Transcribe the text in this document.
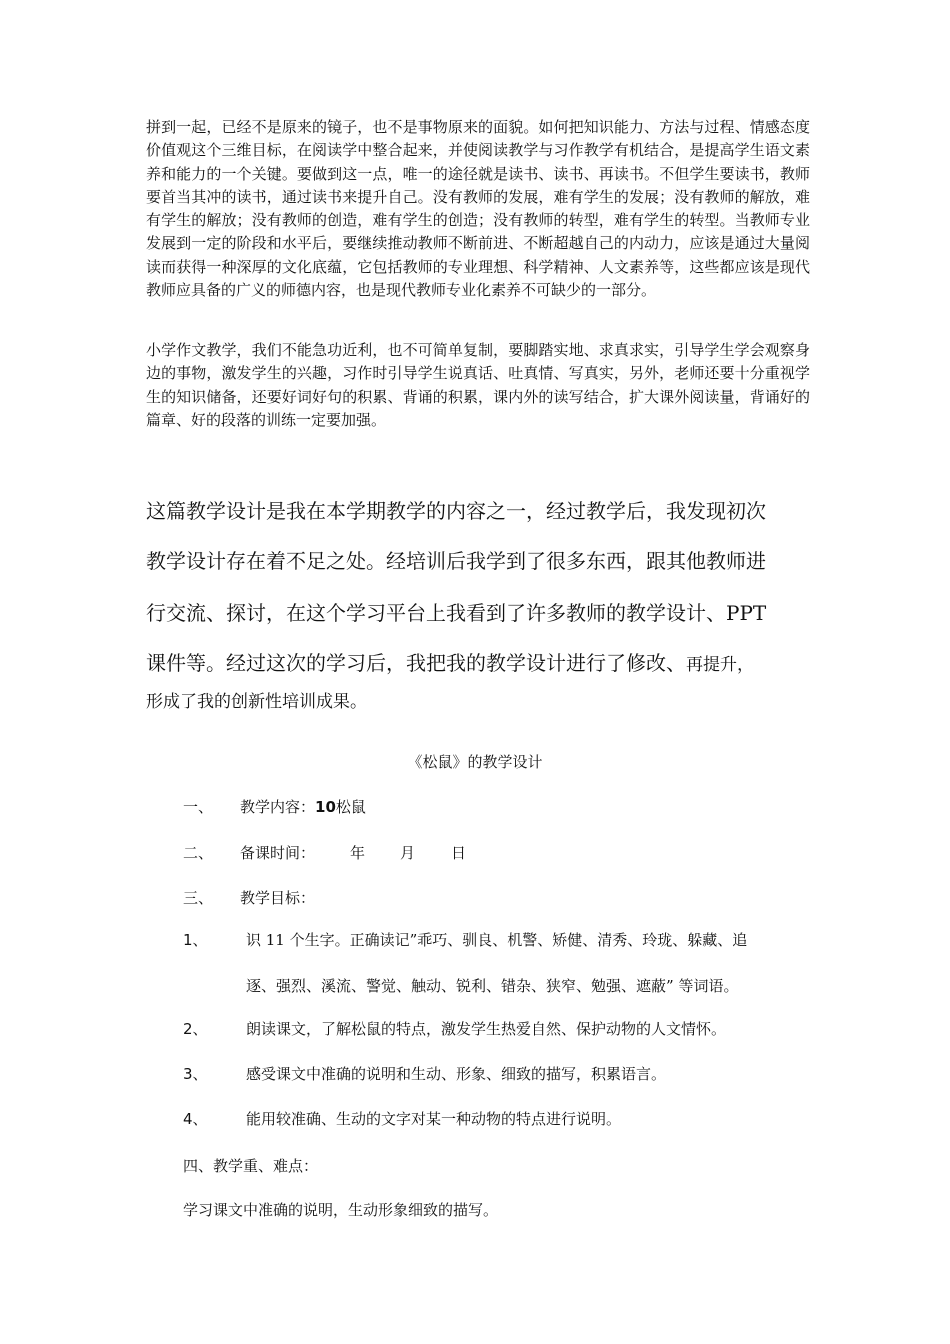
拼到一起，已经不是原来的镜子，也不是事物原来的面貌。如何把知识能力、方法与过程、情感态度价值观这个三维目标，在阅读学中整合起来，并使阅读教学与习作教学有机结合，是提高学生语文素养和能力的一个关键。要做到这一点，唯一的途径就是读书、读书、再读书。不但学生要读书，教师要首当其冲的读书，通过读书来提升自己。没有教师的发展，难有学生的发展；没有教师的解放，难有学生的解放；没有教师的创造，难有学生的创造；没有教师的转型，难有学生的转型。当教师专业发展到一定的阶段和水平后，要继续推动教师不断前进、不断超越自己的内动力，应该是通过大量阅读而获得一种深厚的文化底蕴，它包括教师的专业理想、科学精神、人文素养等，这些都应该是现代教师应具备的广义的师德内容，也是现代教师专业化素养不可缺少的一部分。

小学作文教学，我们不能急功近利，也不可简单复制，要脚踏实地、求真求实，引导学生学会观察身边的事物，激发学生的兴趣，习作时引导学生说真话、吐真情、写真实，另外，老师还要十分重视学生的知识储备，还要好词好句的积累、背诵的积累，课内外的读写结合，扩大课外阅读量，背诵好的篇章、好的段落的训练一定要加强。

这篇教学设计是我在本学期教学的内容之一，经过教学后，我发现初次

教学设计存在着不足之处。经培训后我学到了很多东西，跟其他教师进

行交流、探讨，在这个学习平台上我看到了许多教师的教学设计、PPT

课件等。经过这次的学习后，我把我的教学设计进行了修改、再提升，

形成了我的创新性培训成果。

《松鼠》的教学设计

一、 教学内容：10松鼠

二、 备课时间： 年 月 日
三、 教学目标：

1、	识 11 个生字。正确读记”乖巧、驯良、机警、矫健、清秀、玲珑、躲藏、追

逐、强烈、溪流、警觉、触动、锐利、错杂、狭窄、勉强、遮蔽” 等词语。

2、	朗读课文，了解松鼠的特点，激发学生热爱自然、保护动物的人文情怀。

3、	感受课文中准确的说明和生动、形象、细致的描写，积累语言。

4、	能用较准确、生动的文字对某一种动物的特点进行说明。

四、教学重、难点：

学习课文中准确的说明，生动形象细致的描写。
